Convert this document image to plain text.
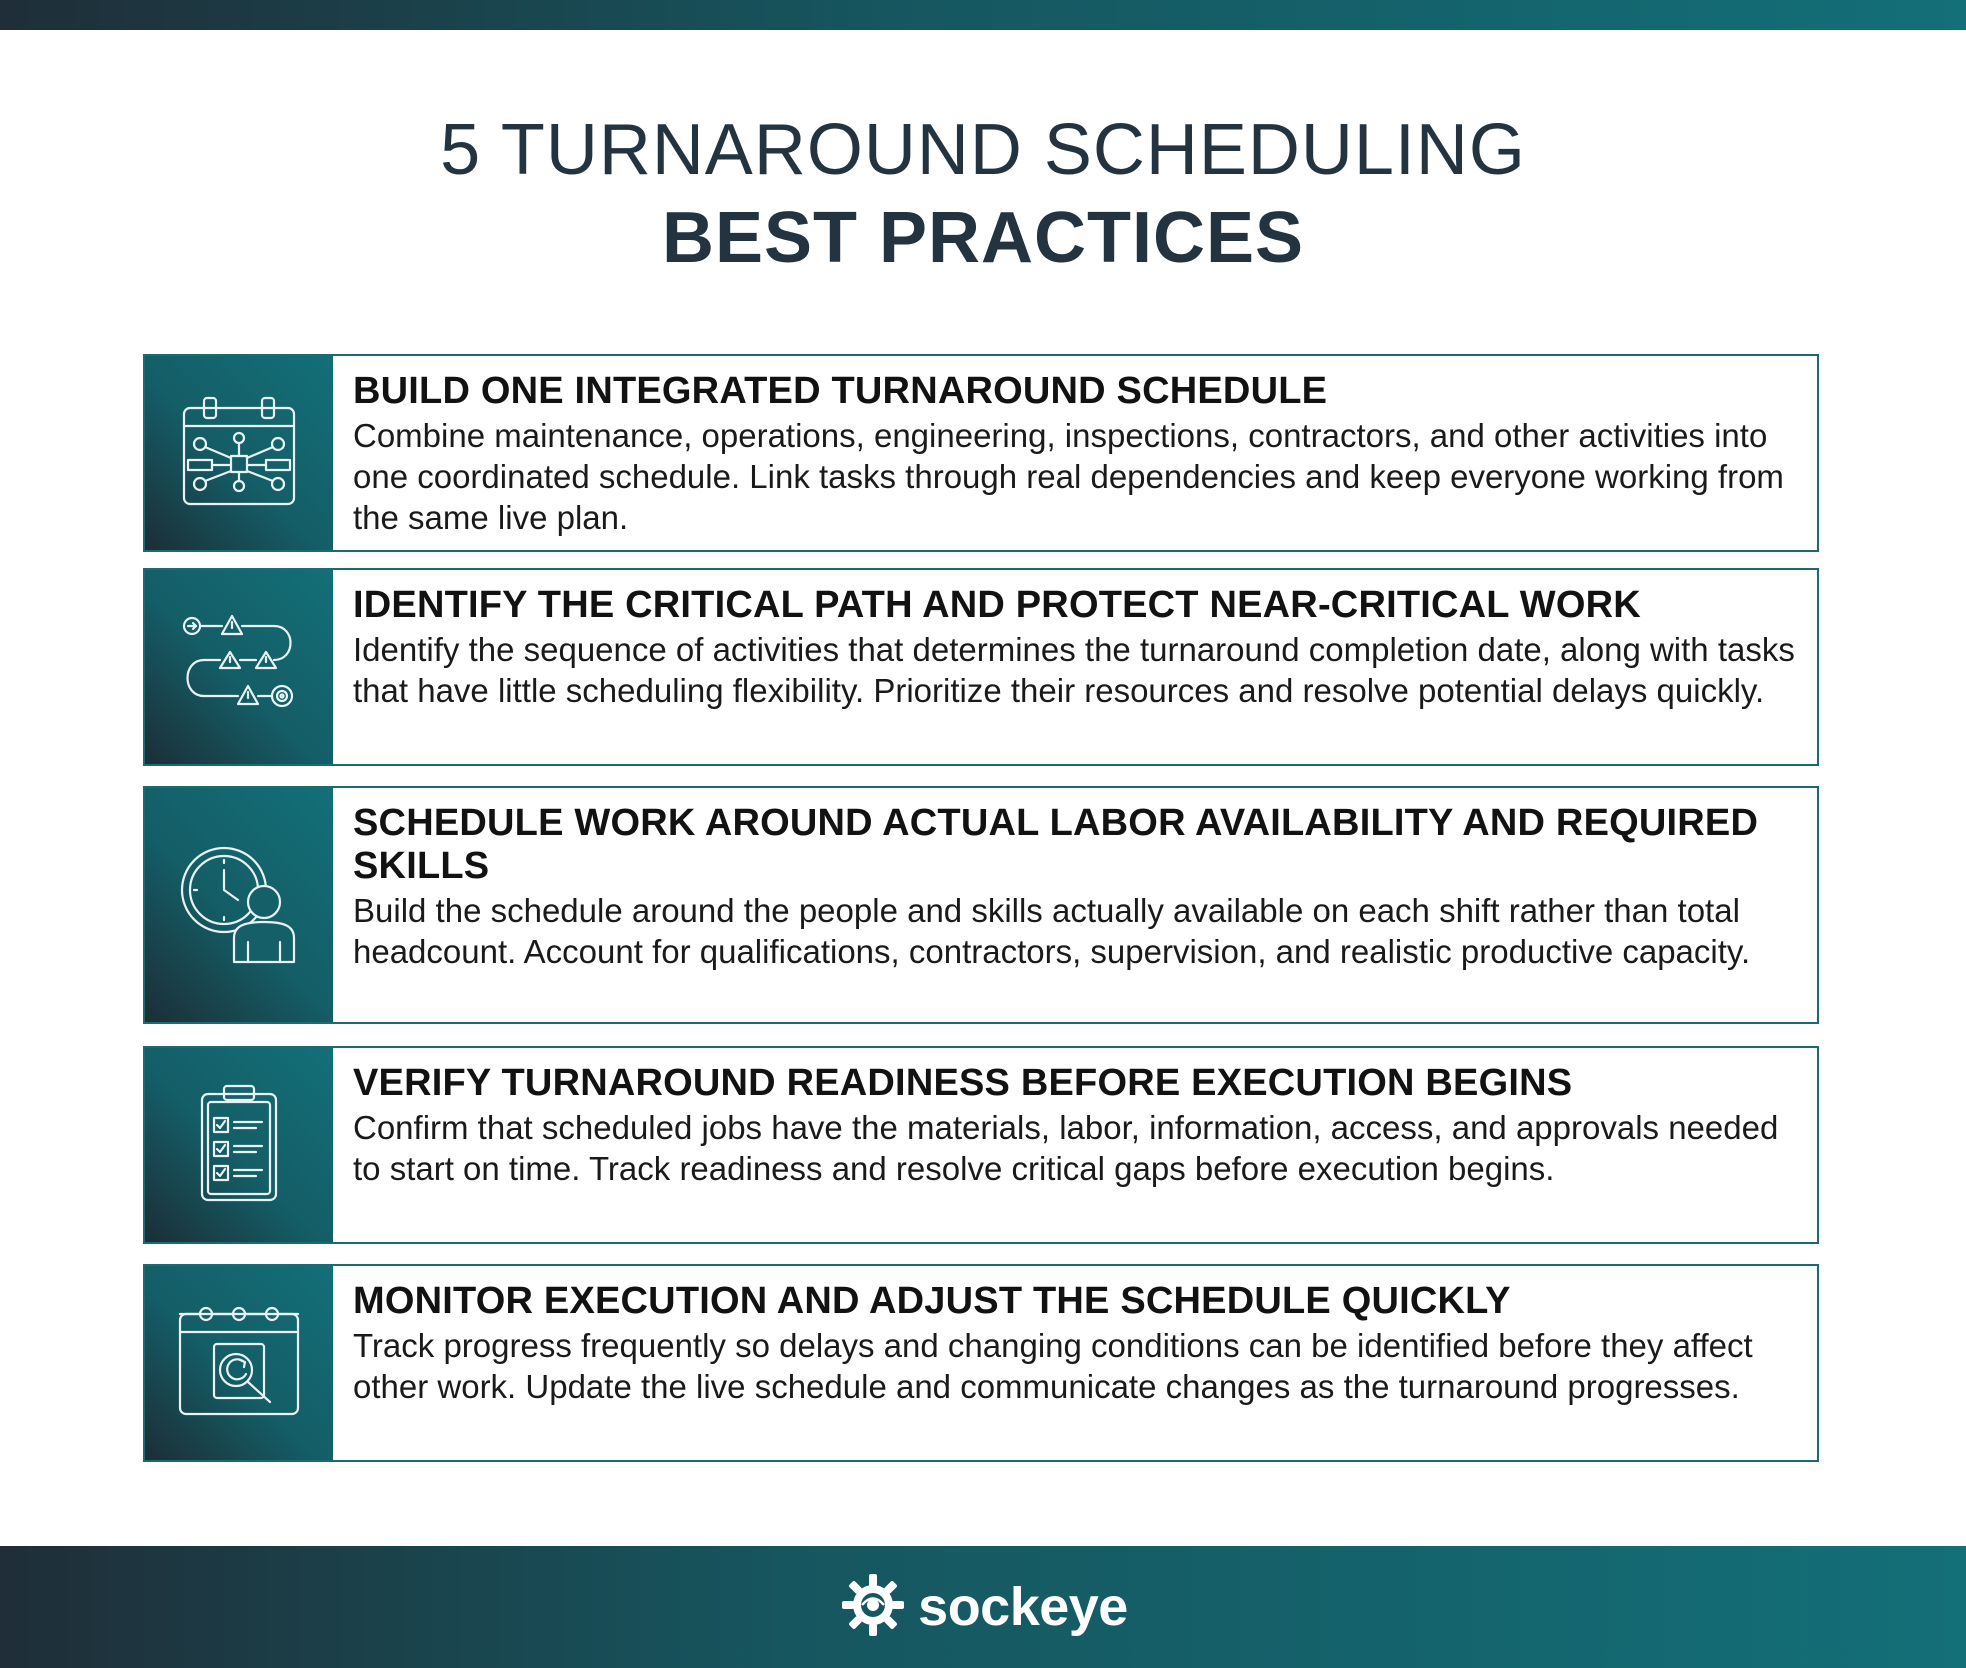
5 TURNAROUND SCHEDULING
BEST PRACTICES
BUILD ONE INTEGRATED TURNAROUND SCHEDULE
Combine maintenance, operations, engineering, inspections, contractors, and other activities into one coordinated schedule. Link tasks through real dependencies and keep everyone working from the same live plan.
IDENTIFY THE CRITICAL PATH AND PROTECT NEAR-CRITICAL WORK
Identify the sequence of activities that determines the turnaround completion date, along with tasks that have little scheduling flexibility. Prioritize their resources and resolve potential delays quickly.
SCHEDULE WORK AROUND ACTUAL LABOR AVAILABILITY AND REQUIRED SKILLS
Build the schedule around the people and skills actually available on each shift rather than total headcount. Account for qualifications, contractors, supervision, and realistic productive capacity.
VERIFY TURNAROUND READINESS BEFORE EXECUTION BEGINS
Confirm that scheduled jobs have the materials, labor, information, access, and approvals needed to start on time. Track readiness and resolve critical gaps before execution begins.
MONITOR EXECUTION AND ADJUST THE SCHEDULE QUICKLY
Track progress frequently so delays and changing conditions can be identified before they affect other work. Update the live schedule and communicate changes as the turnaround progresses.
sockeye
